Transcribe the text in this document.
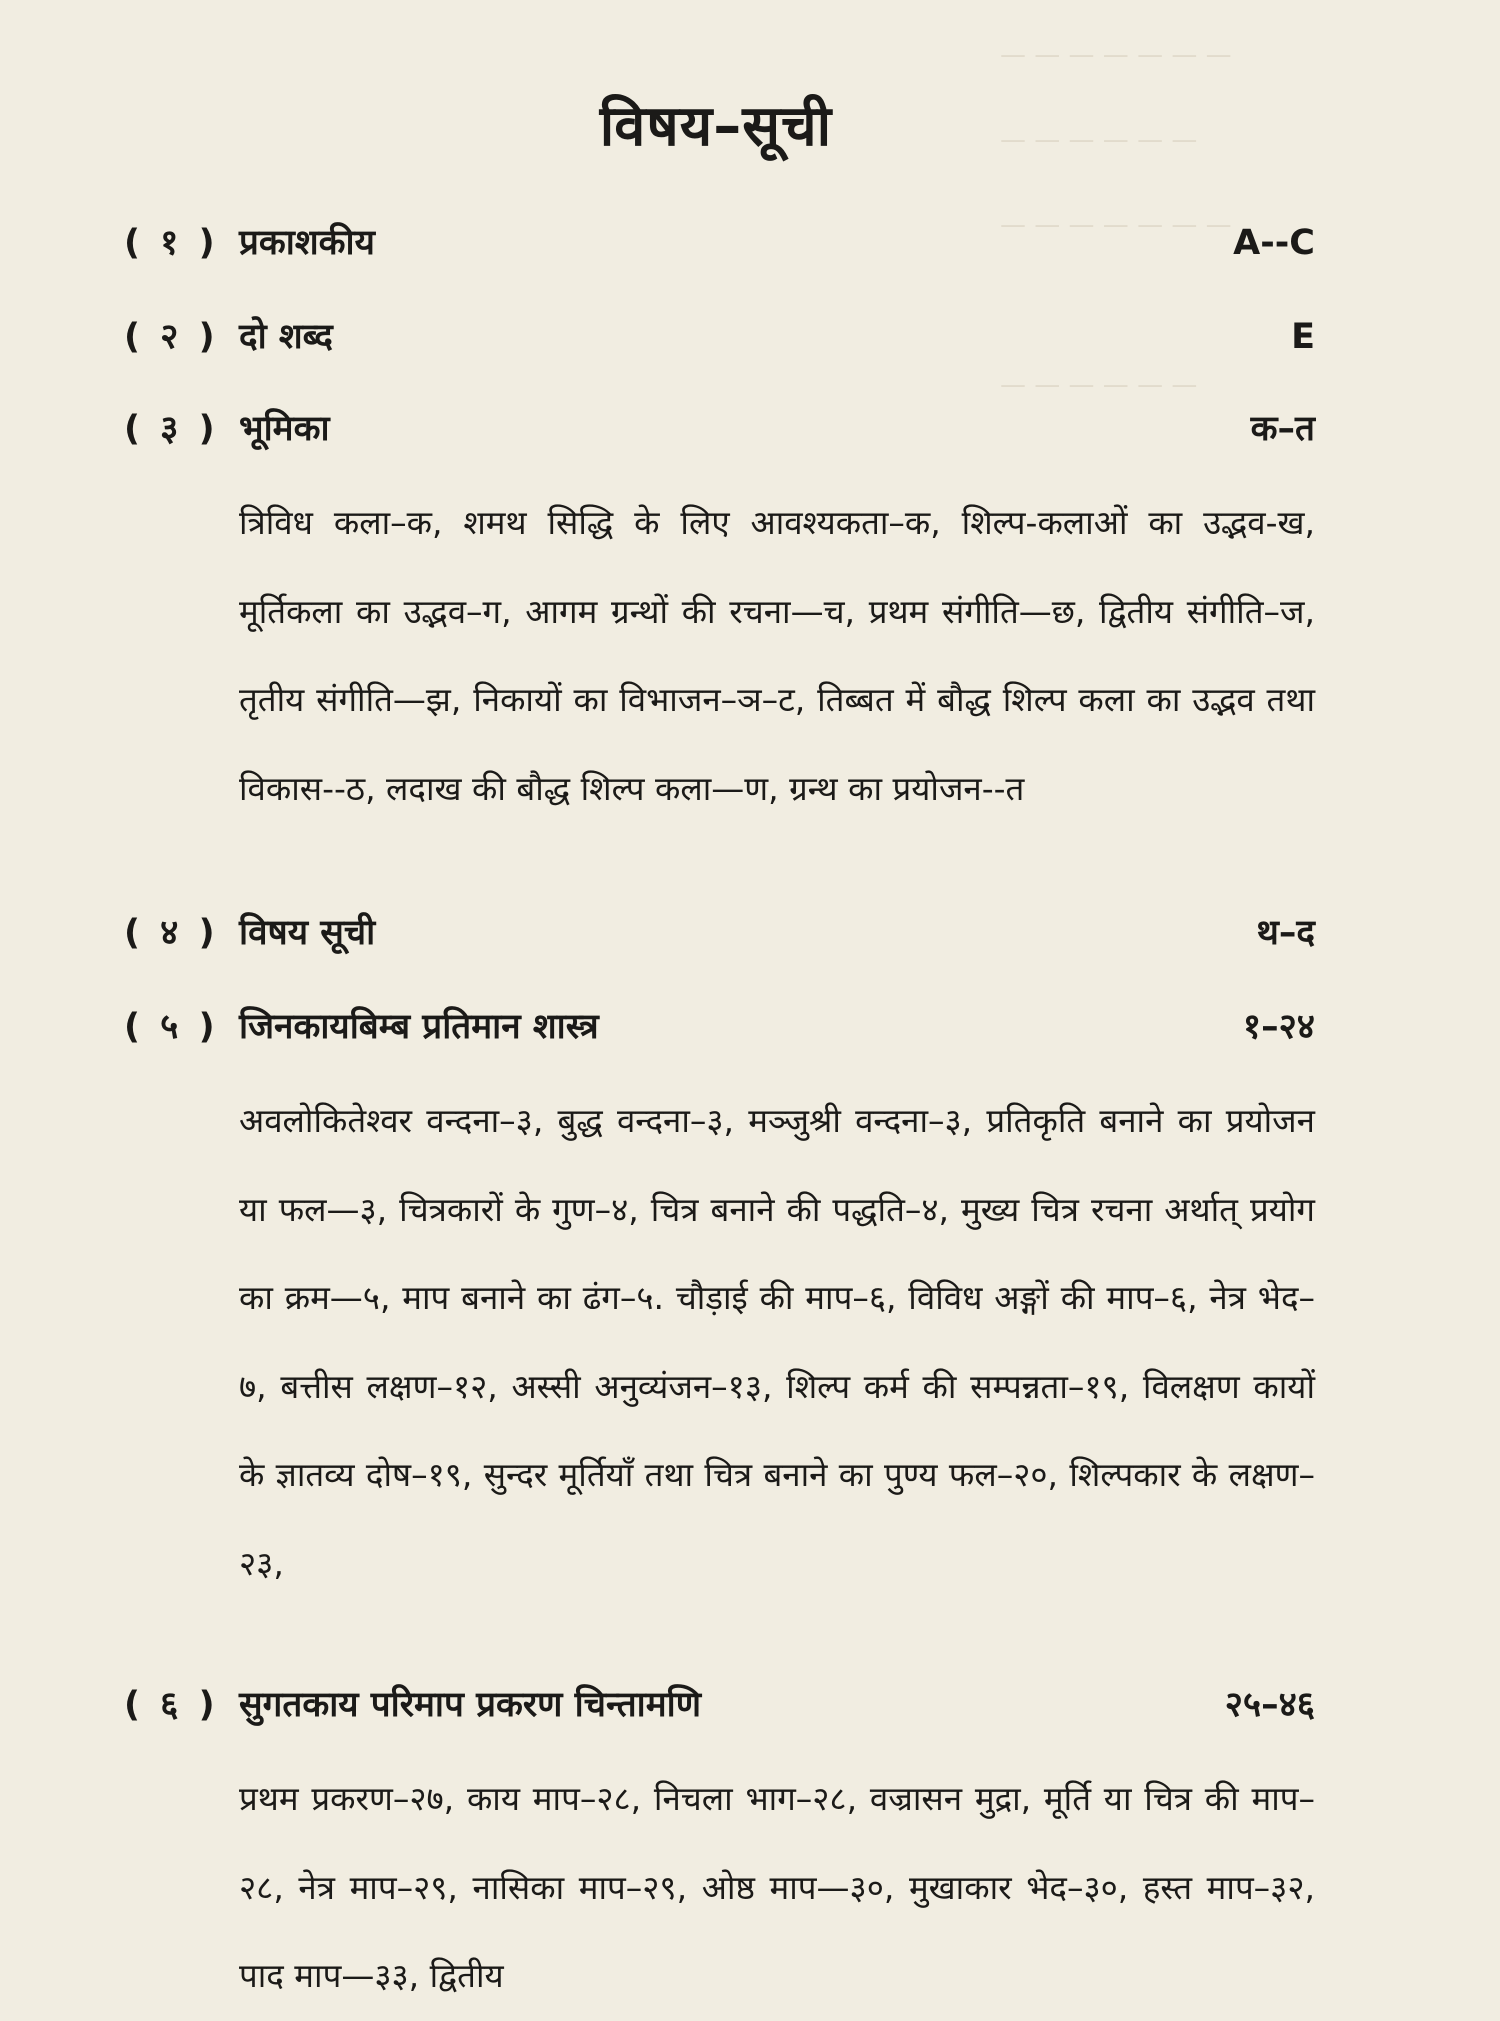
— — — — — — —
— — — — — —
— — — — — — —
— — — — — —
विषय–सूची
( १ ) प्रकाशकीय	A--C
( २ ) दो शब्द	E
( ३ ) भूमिका	क–त
त्रिविध कला–क, शमथ सिद्धि के लिए आवश्यकता–क, शिल्प-कलाओं का उद्भव-ख, मूर्तिकला का उद्भव–ग, आगम ग्रन्थों की रचना—च, प्रथम संगीति—छ, द्वितीय संगीति–ज, तृतीय संगीति—झ, निकायों का विभाजन–ञ–ट, तिब्बत में बौद्ध शिल्प कला का उद्भव तथा विकास--ठ, लदाख की बौद्ध शिल्प कला—ण, ग्रन्थ का प्रयोजन--त
( ४ ) विषय सूची	थ–द
( ५ ) जिनकायबिम्ब प्रतिमान शास्त्र	१–२४
अवलोकितेश्वर वन्दना–३, बुद्ध वन्दना–३, मञ्जुश्री वन्दना–३, प्रतिकृति बनाने का प्रयोजन या फल—३, चित्रकारों के गुण–४, चित्र बनाने की पद्धति–४, मुख्य चित्र रचना अर्थात् प्रयोग का क्रम—५, माप बनाने का ढंग–५. चौड़ाई की माप–६, विविध अङ्गों की माप–६, नेत्र भेद–७, बत्तीस लक्षण–१२, अस्सी अनुव्यंजन–१३, शिल्प कर्म की सम्पन्नता–१९, विलक्षण कायों के ज्ञातव्य दोष–१९, सुन्दर मूर्तियाँ तथा चित्र बनाने का पुण्य फल–२०, शिल्पकार के लक्षण–२३,
( ६ ) सुगतकाय परिमाप प्रकरण चिन्तामणि	२५–४६
प्रथम प्रकरण–२७, काय माप–२८, निचला भाग–२८, वज्रासन मुद्रा, मूर्ति या चित्र की माप–२८, नेत्र माप–२९, नासिका माप–२९, ओष्ठ माप—३०, मुखाकार भेद–३०, हस्त माप–३२, पाद माप—३३, द्वितीय
